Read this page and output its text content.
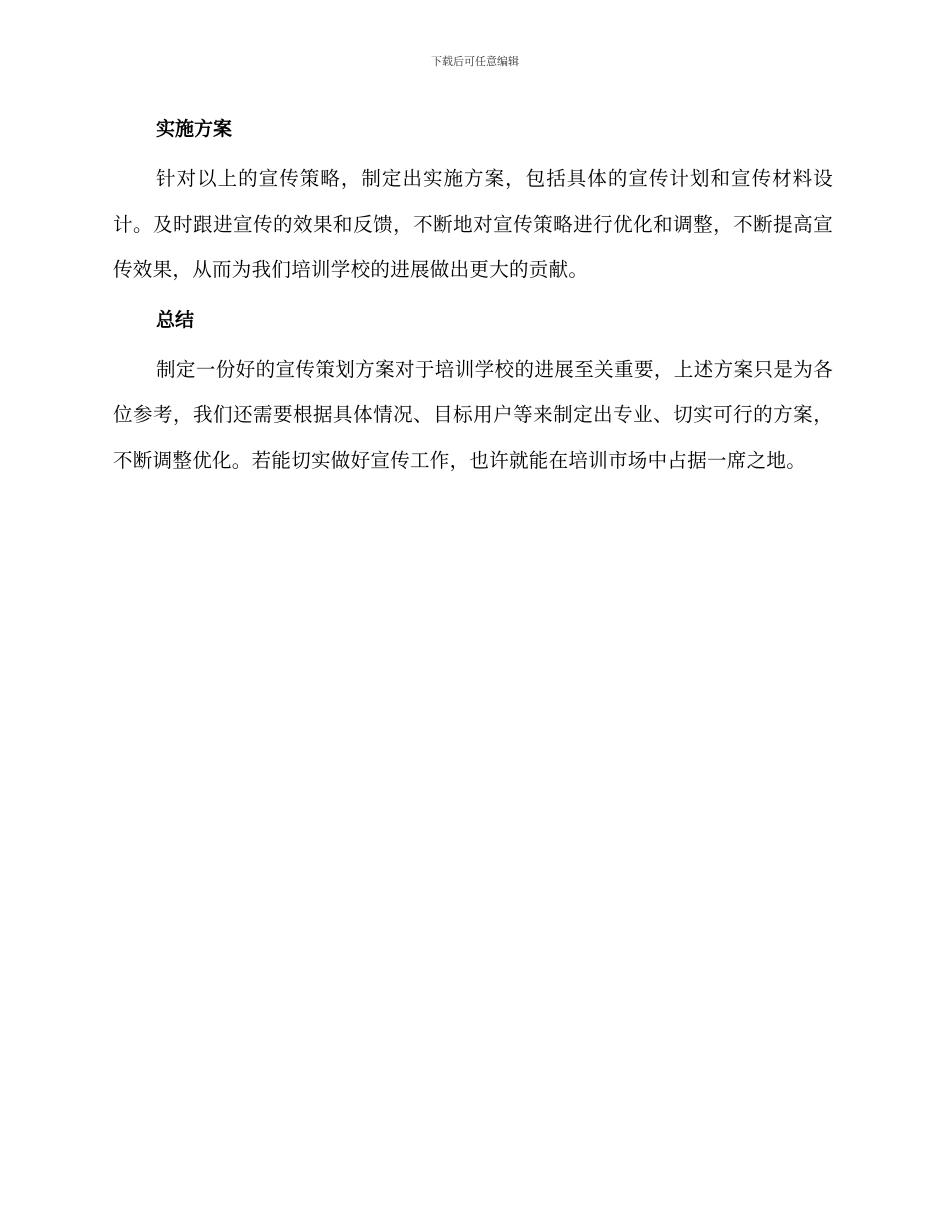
下载后可任意编辑
实施方案

针对以上的宣传策略，制定出实施方案，包括具体的宣传计划和宣传材料设计。及时跟进宣传的效果和反馈，不断地对宣传策略进行优化和调整，不断提高宣传效果，从而为我们培训学校的进展做出更大的贡献。

总结

制定一份好的宣传策划方案对于培训学校的进展至关重要，上述方案只是为各位参考，我们还需要根据具体情况、目标用户等来制定出专业、切实可行的方案，不断调整优化。若能切实做好宣传工作，也许就能在培训市场中占据一席之地。
